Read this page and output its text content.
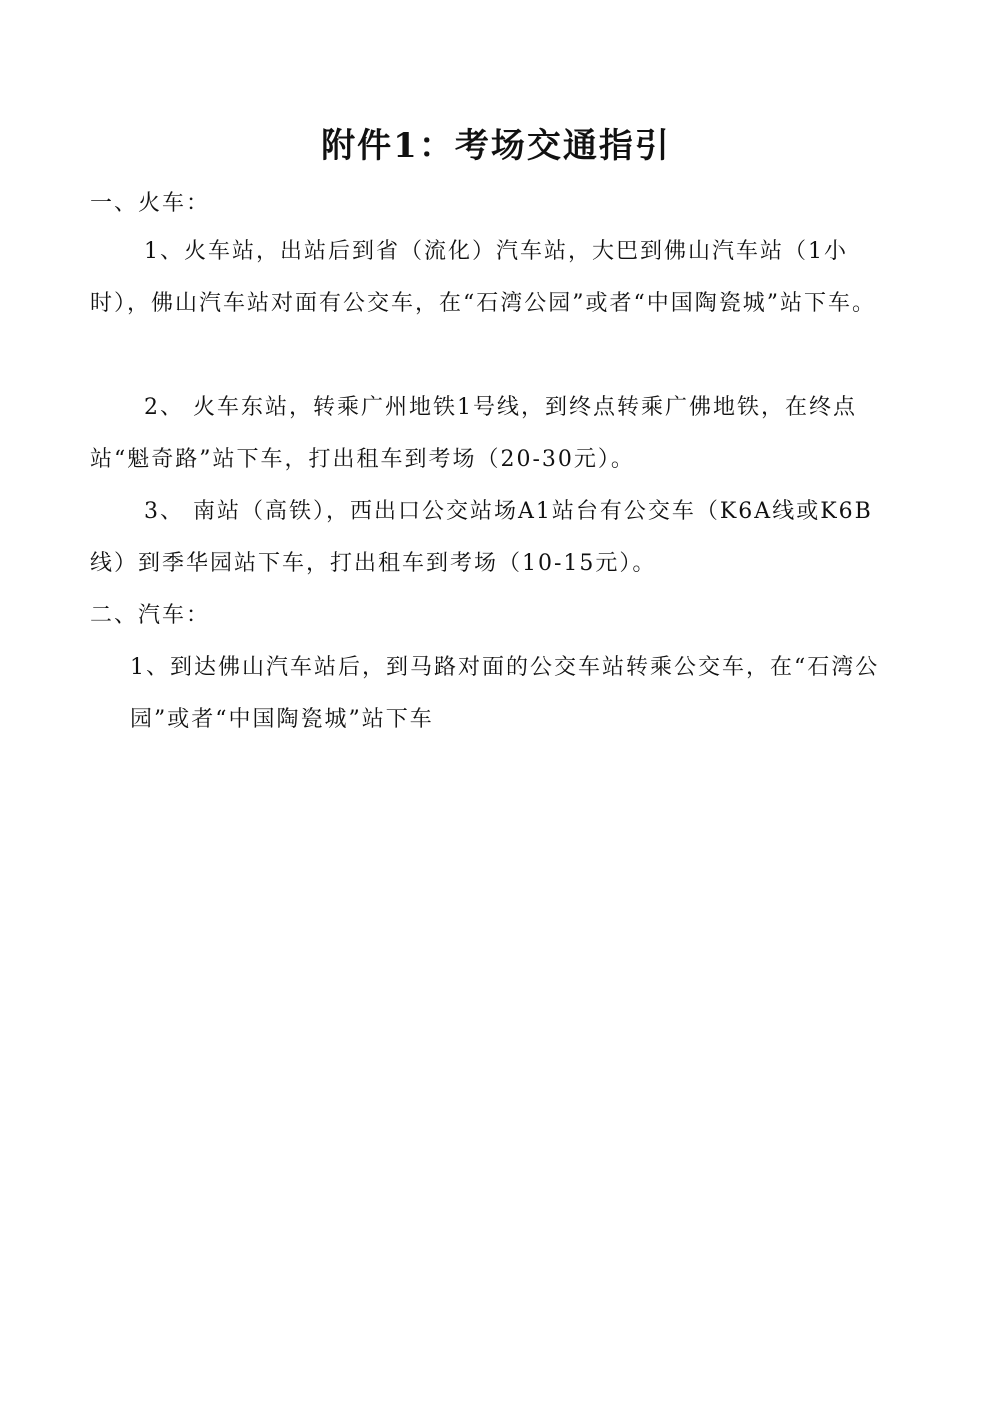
附件1：考场交通指引
一、火车：
1、火车站，出站后到省（流化）汽车站，大巴到佛山汽车站（1小时），佛山汽车站对面有公交车，在“石湾公园”或者“中国陶瓷城”站下车。
2、 火车东站，转乘广州地铁1号线，到终点转乘广佛地铁，在终点站“魁奇路”站下车，打出租车到考场（20-30元）。
3、 南站（高铁），西出口公交站场A1站台有公交车（K6A线或K6B线）到季华园站下车，打出租车到考场（10-15元）。
二、汽车：
1、到达佛山汽车站后，到马路对面的公交车站转乘公交车，在“石湾公园”或者“中国陶瓷城”站下车
